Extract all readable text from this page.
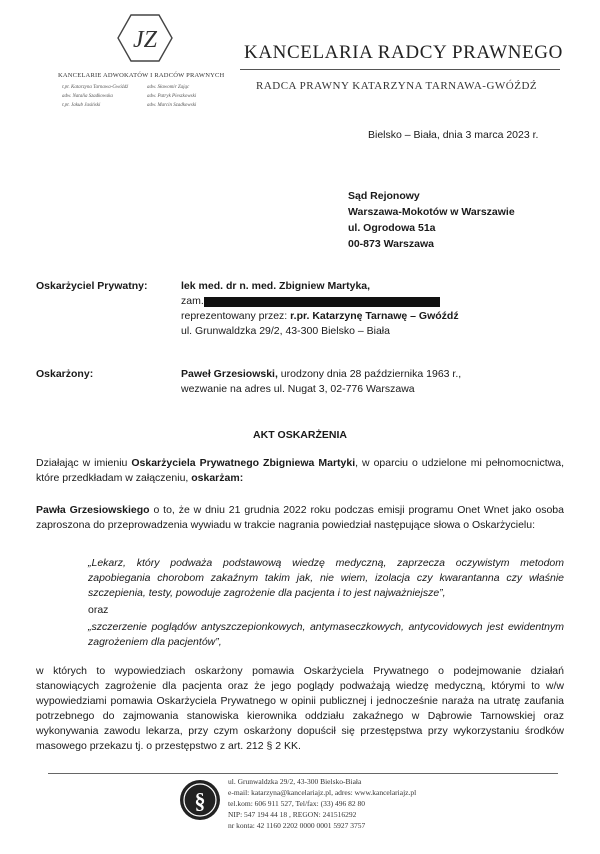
JZ
KANCELARIE ADWOKATÓW I RADCÓW PRAWNYCH
r.pr. Katarzyna Tarnawa-Gwóźdź	adw. Sławomir Zając
adw. Natalia Szadkowska	adw. Patryk Pieszkowski
r.pr. Jakub Jasiński	adw. Marcin Szadkowski
KANCELARIA RADCY PRAWNEGO
RADCA PRAWNY KATARZYNA TARNAWA-GWÓŹDŹ
Bielsko – Biała, dnia 3 marca 2023 r.
Sąd Rejonowy
Warszawa-Mokotów w Warszawie
ul. Ogrodowa 51a
00-873 Warszawa
Oskarżyciel Prywatny:	lek med. dr n. med. Zbigniew Martyka,
zam.
reprezentowany przez: r.pr. Katarzynę Tarnawę – Gwóźdź
ul. Grunwaldzka 29/2, 43-300 Bielsko – Biała
Oskarżony:	Paweł Grzesiowski, urodzony dnia 28 października 1963 r.,
wezwanie na adres ul. Nugat 3, 02-776 Warszawa
AKT OSKARŻENIA
Działając w imieniu Oskarżyciela Prywatnego Zbigniewa Martyki, w oparciu o udzielone mi pełnomocnictwa, które przedkładam w załączeniu, oskarżam:
Pawła Grzesiowskiego o to, że w dniu 21 grudnia 2022 roku podczas emisji programu Onet Wnet jako osoba zaproszona do przeprowadzenia wywiadu w trakcie nagrania powiedział następujące słowa o Oskarżycielu:
„Lekarz, który podważa podstawową wiedzę medyczną, zaprzecza oczywistym metodom zapobiegania chorobom zakaźnym takim jak, nie wiem, izolacja czy kwarantanna czy właśnie szczepienia, testy, powoduje zagrożenie dla pacjenta i to jest najważniejsze”,
oraz
„szczerzenie poglądów antyszczepionkowych, antymaseczkowych, antycovidowych jest ewidentnym zagrożeniem dla pacjentów”,
w których to wypowiedziach oskarżony pomawia Oskarżyciela Prywatnego o podejmowanie działań stanowiących zagrożenie dla pacjenta oraz że jego poglądy podważają wiedzę medyczną, którymi to w/w wypowiedziami pomawia Oskarżyciela Prywatnego w opinii publicznej i jednocześnie naraża na utratę zaufania potrzebnego do zajmowania stanowiska kierownika oddziału zakaźnego w Dąbrowie Tarnowskiej oraz wykonywania zawodu lekarza, przy czym oskarżony dopuścił się przestępstwa przy wykorzystaniu środków masowego przekazu tj. o przestępstwo z art. 212 § 2 KK.
§
ul. Grunwaldzka 29/2, 43-300 Bielsko-Biała
e-mail: katarzyna@kancelariajz.pl, adres: www.kancelariajz.pl
tel.kom: 606 911 527, Tel/fax: (33) 496 82 80
NIP: 547 194 44 18 , REGON: 241516292
nr konta: 42 1160 2202 0000 0001 5927 3757
